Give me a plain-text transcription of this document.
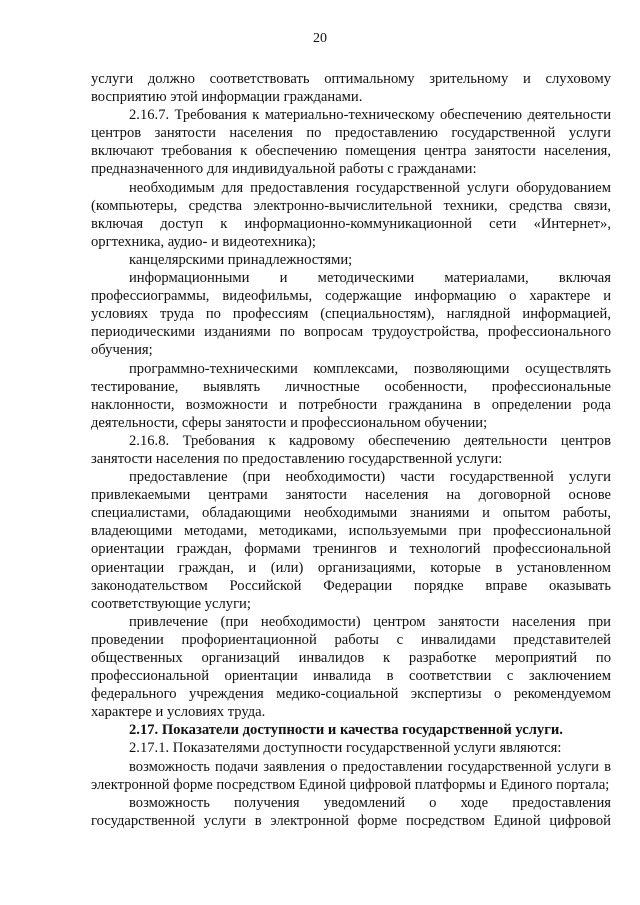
20

услуги должно соответствовать оптимальному зрительному и слуховому восприятию этой информации гражданами.

2.16.7. Требования к материально-техническому обеспечению деятельности центров занятости населения по предоставлению государственной услуги включают требования к обеспечению помещения центра занятости населения, предназначенного для индивидуальной работы с гражданами:

необходимым для предоставления государственной услуги оборудованием (компьютеры, средства электронно-вычислительной техники, средства связи, включая доступ к информационно-коммуникационной сети «Интернет», оргтехника, аудио- и видеотехника);

канцелярскими принадлежностями;

информационными и методическими материалами, включая профессиограммы, видеофильмы, содержащие информацию о характере и условиях труда по профессиям (специальностям), наглядной информацией, периодическими изданиями по вопросам трудоустройства, профессионального обучения;

программно-техническими комплексами, позволяющими осуществлять тестирование, выявлять личностные особенности, профессиональные наклонности, возможности и потребности гражданина в определении рода деятельности, сферы занятости и профессиональном обучении;

2.16.8. Требования к кадровому обеспечению деятельности центров занятости населения по предоставлению государственной услуги:

предоставление (при необходимости) части государственной услуги привлекаемыми центрами занятости населения на договорной основе специалистами, обладающими необходимыми знаниями и опытом работы, владеющими методами, методиками, используемыми при профессиональной ориентации граждан, формами тренингов и технологий профессиональной ориентации граждан, и (или) организациями, которые в установленном законодательством Российской Федерации порядке вправе оказывать соответствующие услуги;

привлечение (при необходимости) центром занятости населения при проведении профориентационной работы с инвалидами представителей общественных организаций инвалидов к разработке мероприятий по профессиональной ориентации инвалида в соответствии с заключением федерального учреждения медико-социальной экспертизы о рекомендуемом характере и условиях труда.

2.17. Показатели доступности и качества государственной услуги.

2.17.1. Показателями доступности государственной услуги являются:

возможность подачи заявления о предоставлении государственной услуги в электронной форме посредством Единой цифровой платформы и Единого портала;

возможность получения уведомлений о ходе предоставления государственной услуги в электронной форме посредством Единой цифровой
